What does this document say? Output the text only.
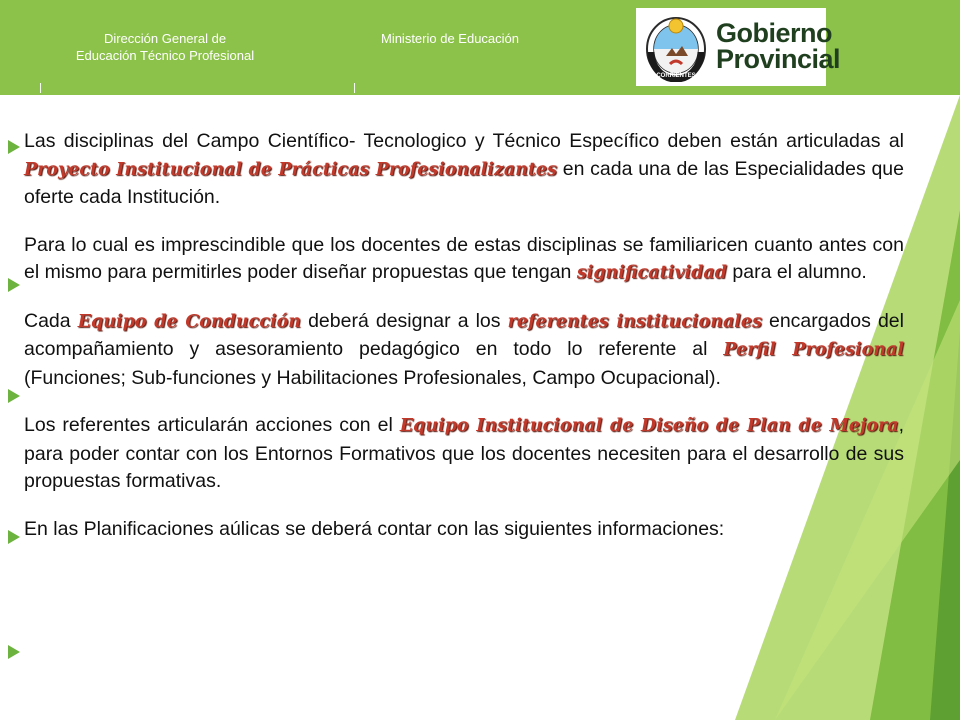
Dirección General de
Educación Técnico Profesional
Ministerio de Educación
CORRIENTES
Gobierno
Provincial

Las disciplinas del Campo Científico- Tecnologico y Técnico Específico deben están articuladas al Proyecto Institucional de Prácticas Profesionalizantes en cada una de las Especialidades que oferte cada Institución.

Para lo cual es imprescindible que los docentes de estas disciplinas se familiaricen cuanto antes con el mismo para permitirles poder diseñar propuestas que tengan significatividad para el alumno.

Cada Equipo de Conducción deberá designar a los referentes institucionales encargados del acompañamiento y asesoramiento pedagógico en todo lo referente al Perfil Profesional (Funciones; Sub-funciones y Habilitaciones Profesionales, Campo Ocupacional).

Los referentes articularán acciones con el Equipo Institucional de Diseño de Plan de Mejora, para poder contar con los Entornos Formativos que los docentes necesiten para el desarrollo de sus propuestas formativas.

En las Planificaciones aúlicas se deberá contar con las siguientes informaciones:
